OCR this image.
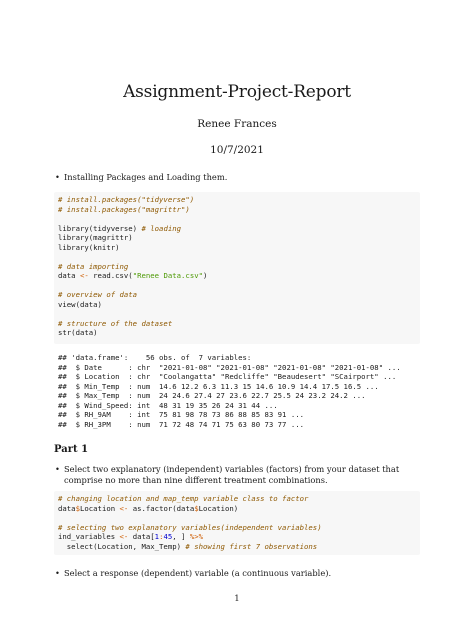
Assignment-Project-Report
Renee Frances
10/7/2021
• Installing Packages and Loading them.
# install.packages("tidyverse")
# install.packages("magrittr")
library(tidyverse) # loading
library(magrittr)
library(knitr)
# data importing
data <- read.csv("Renee Data.csv")
# overview of data
view(data)
# structure of the dataset
str(data)
## 'data.frame':    56 obs. of  7 variables:
##  $ Date      : chr  "2021-01-08" "2021-01-08" "2021-01-08" "2021-01-08" ...
##  $ Location  : chr  "Coolangatta" "Redcliffe" "Beaudesert" "SCairport" ...
##  $ Min_Temp  : num  14.6 12.2 6.3 11.3 15 14.6 10.9 14.4 17.5 16.5 ...
##  $ Max_Temp  : num  24 24.6 27.4 27 23.6 22.7 25.5 24 23.2 24.2 ...
##  $ Wind_Speed: int  48 31 19 35 26 24 31 44 ...
##  $ RH_9AM    : int  75 81 98 78 73 86 88 85 83 91 ...
##  $ RH_3PM    : num  71 72 48 74 71 75 63 80 73 77 ...
Part 1
• Select two explanatory (independent) variables (factors) from your dataset that comprise no more than nine different treatment combinations.
# changing location and map_temp variable class to factor
data$Location <- as.factor(data$Location)
# selecting two explanatory variables(independent variables)
ind_variables <- data[1:45, ] %>%
select(Location, Max_Temp) # showing first 7 observations
• Select a response (dependent) variable (a continuous variable).
1
